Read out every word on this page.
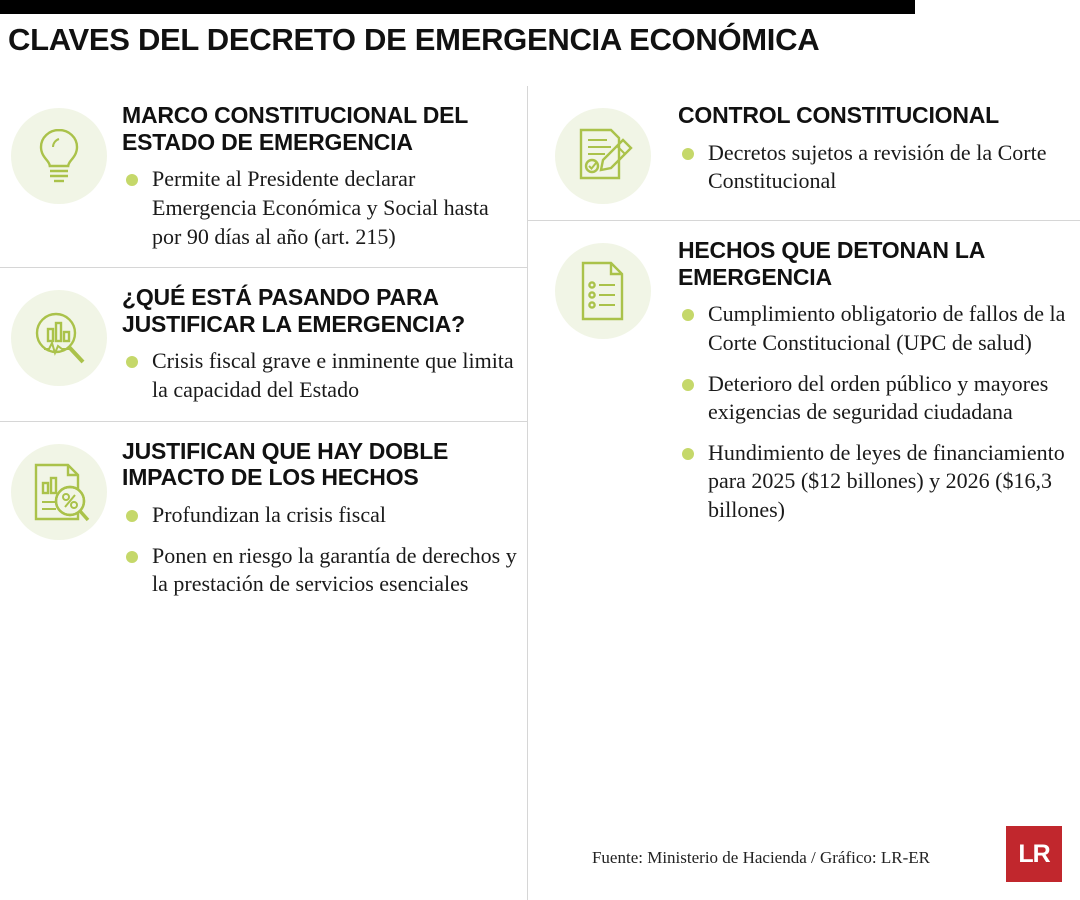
CLAVES DEL DECRETO DE EMERGENCIA ECONÓMICA
MARCO CONSTITUCIONAL DEL ESTADO DE EMERGENCIA
Permite al Presidente declarar Emergencia Económica y Social hasta por 90 días al año (art. 215)
¿QUÉ ESTÁ PASANDO PARA JUSTIFICAR LA EMERGENCIA?
Crisis fiscal grave e inminente que limita la capacidad del Estado
JUSTIFICAN QUE HAY DOBLE IMPACTO DE LOS HECHOS
Profundizan la crisis fiscal
Ponen en riesgo la garantía de derechos y la prestación de servicios esenciales
CONTROL CONSTITUCIONAL
Decretos sujetos a revisión de la Corte Constitucional
HECHOS QUE DETONAN LA EMERGENCIA
Cumplimiento obligatorio de fallos de la Corte Constitucional (UPC de salud)
Deterioro del orden público y mayores exigencias de seguridad ciudadana
Hundimiento de leyes de financiamiento para 2025 ($12 billones) y 2026 ($16,3 billones)
Fuente: Ministerio de Hacienda / Gráfico: LR-ER	LR
